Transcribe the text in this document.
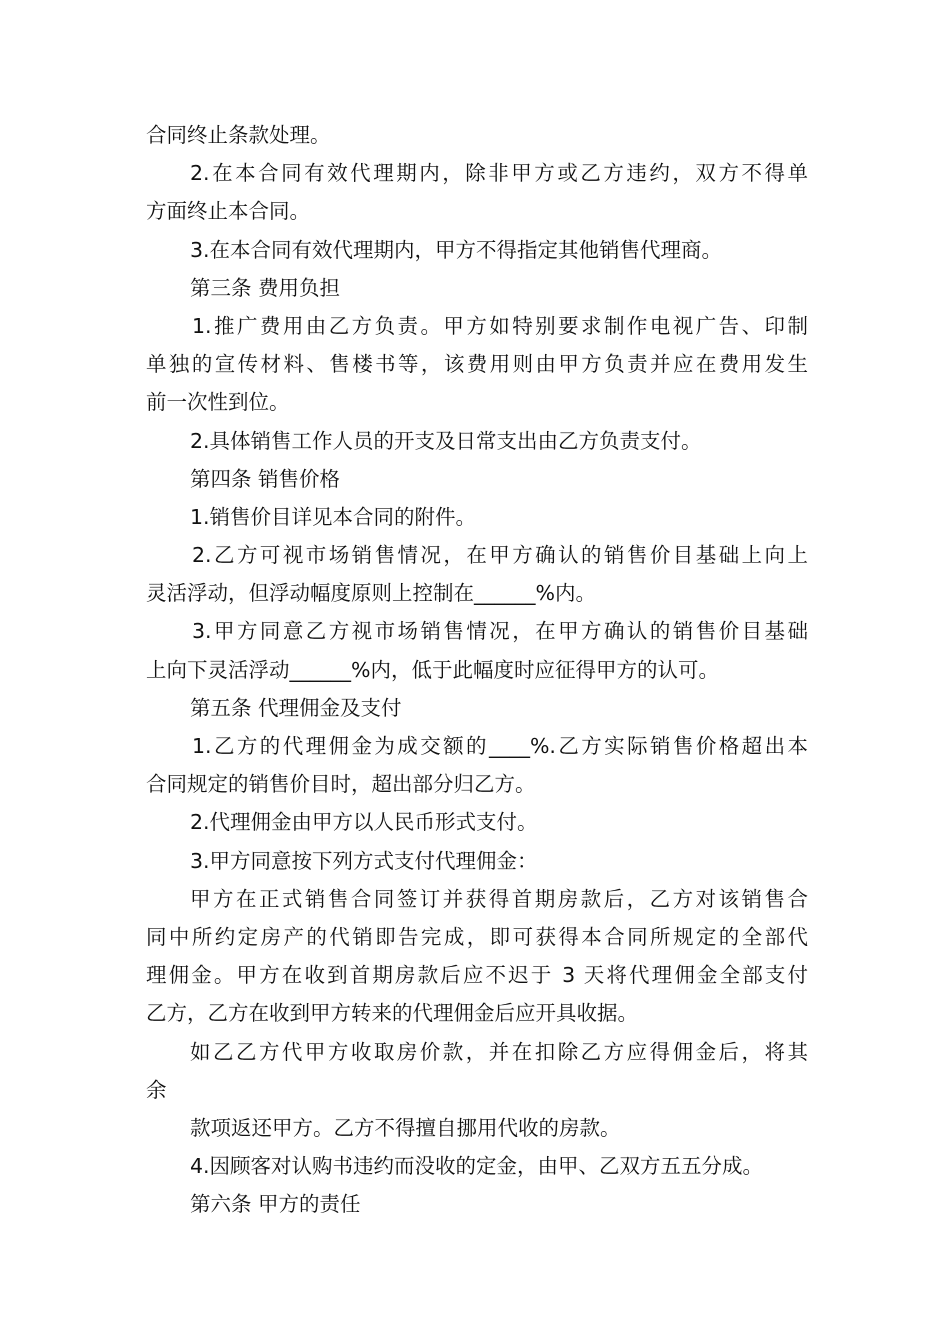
合同终止条款处理。
2.在本合同有效代理期内，除非甲方或乙方违约，双方不得单
方面终止本合同。
3.在本合同有效代理期内，甲方不得指定其他销售代理商。
第三条 费用负担
1.推广费用由乙方负责。甲方如特别要求制作电视广告、印制
单独的宣传材料、售楼书等，该费用则由甲方负责并应在费用发生
前一次性到位。
2.具体销售工作人员的开支及日常支出由乙方负责支付。
第四条 销售价格
1.销售价目详见本合同的附件。
2.乙方可视市场销售情况，在甲方确认的销售价目基础上向上
灵活浮动，但浮动幅度原则上控制在______%内。
3.甲方同意乙方视市场销售情况，在甲方确认的销售价目基础
上向下灵活浮动______%内，低于此幅度时应征得甲方的认可。
第五条 代理佣金及支付
1.乙方的代理佣金为成交额的____%.乙方实际销售价格超出本
合同规定的销售价目时，超出部分归乙方。
2.代理佣金由甲方以人民币形式支付。
3.甲方同意按下列方式支付代理佣金：
甲方在正式销售合同签订并获得首期房款后，乙方对该销售合
同中所约定房产的代销即告完成，即可获得本合同所规定的全部代
理佣金。甲方在收到首期房款后应不迟于 3 天将代理佣金全部支付
乙方，乙方在收到甲方转来的代理佣金后应开具收据。
如乙乙方代甲方收取房价款，并在扣除乙方应得佣金后，将其
余
款项返还甲方。乙方不得擅自挪用代收的房款。
4.因顾客对认购书违约而没收的定金，由甲、乙双方五五分成。
第六条 甲方的责任
